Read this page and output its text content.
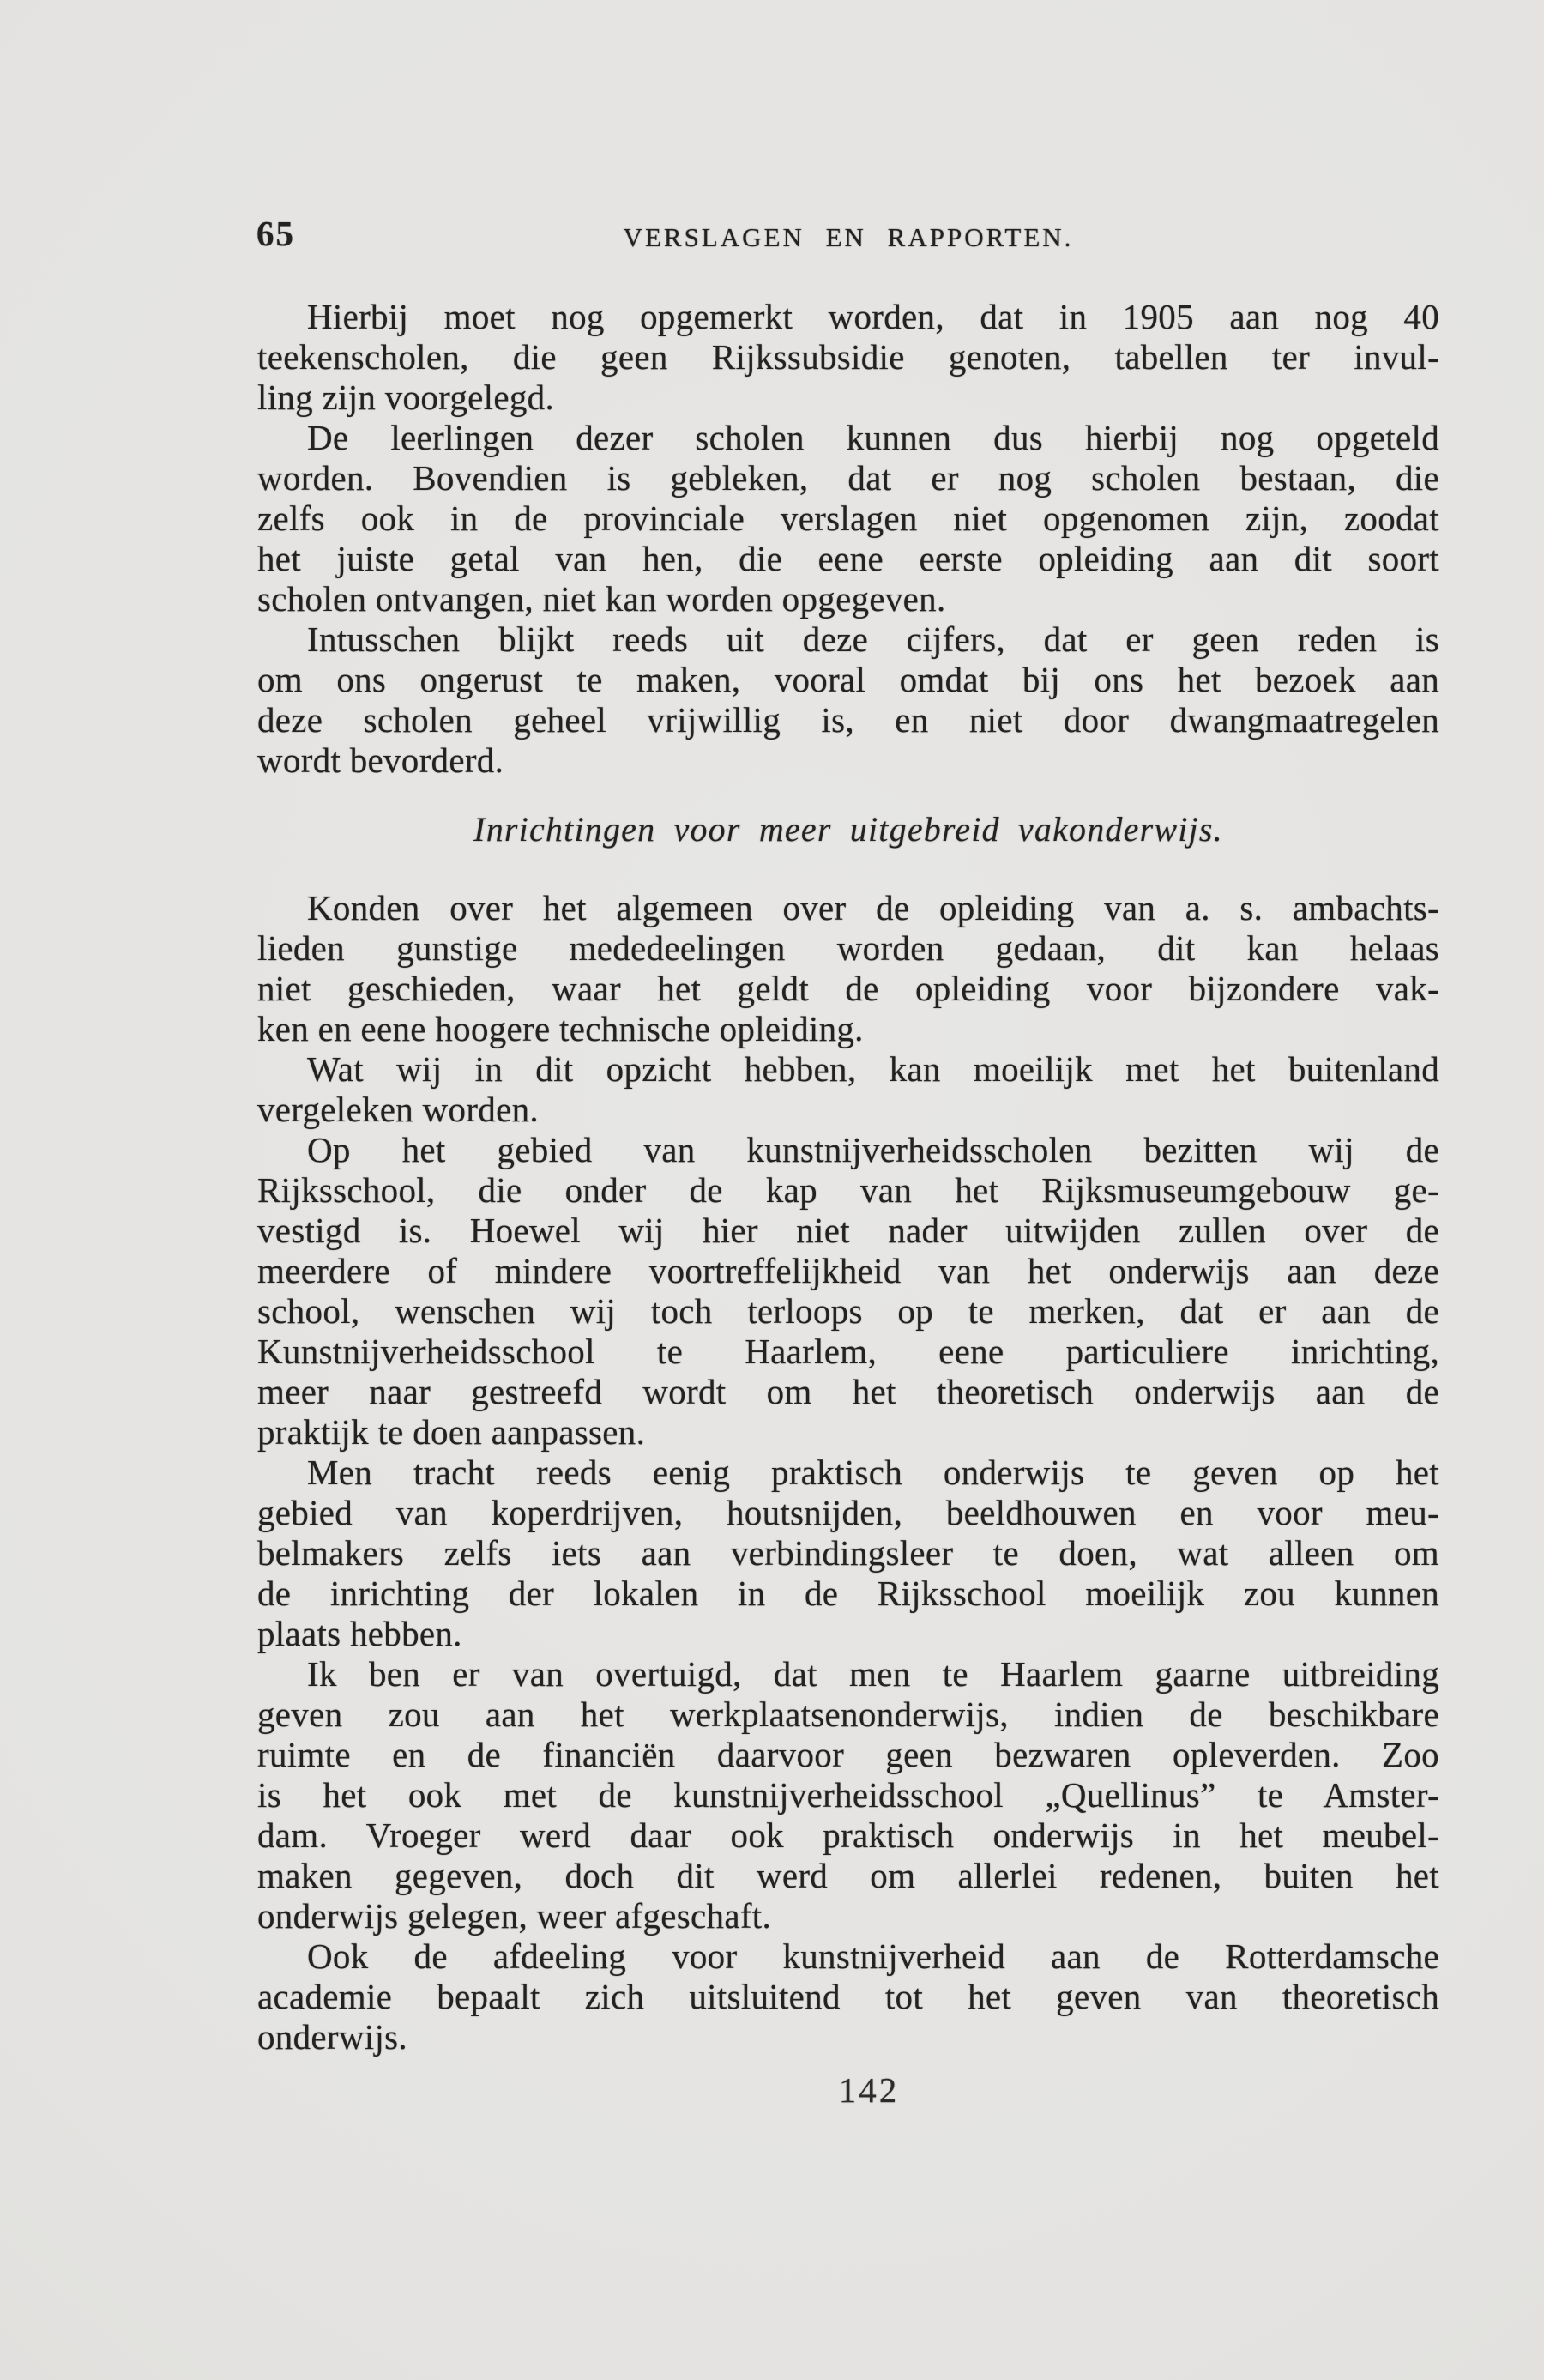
65	VERSLAGEN EN RAPPORTEN.
Hierbij moet nog opgemerkt worden, dat in 1905 aan nog 40
teekenscholen, die geen Rijkssubsidie genoten, tabellen ter invul-
ling zijn voorgelegd.
De leerlingen dezer scholen kunnen dus hierbij nog opgeteld
worden. Bovendien is gebleken, dat er nog scholen bestaan, die
zelfs ook in de provinciale verslagen niet opgenomen zijn, zoodat
het juiste getal van hen, die eene eerste opleiding aan dit soort
scholen ontvangen, niet kan worden opgegeven.
Intusschen blijkt reeds uit deze cijfers, dat er geen reden is
om ons ongerust te maken, vooral omdat bij ons het bezoek aan
deze scholen geheel vrijwillig is, en niet door dwangmaatregelen
wordt bevorderd.
Inrichtingen voor meer uitgebreid vakonderwijs.
Konden over het algemeen over de opleiding van a. s. ambachts-
lieden gunstige mededeelingen worden gedaan, dit kan helaas
niet geschieden, waar het geldt de opleiding voor bijzondere vak-
ken en eene hoogere technische opleiding.
Wat wij in dit opzicht hebben, kan moeilijk met het buitenland
vergeleken worden.
Op het gebied van kunstnijverheidsscholen bezitten wij de
Rijksschool, die onder de kap van het Rijksmuseumgebouw ge-
vestigd is. Hoewel wij hier niet nader uitwijden zullen over de
meerdere of mindere voortreffelijkheid van het onderwijs aan deze
school, wenschen wij toch terloops op te merken, dat er aan de
Kunstnijverheidsschool te Haarlem, eene particuliere inrichting,
meer naar gestreefd wordt om het theoretisch onderwijs aan de
praktijk te doen aanpassen.
Men tracht reeds eenig praktisch onderwijs te geven op het
gebied van koperdrijven, houtsnijden, beeldhouwen en voor meu-
belmakers zelfs iets aan verbindingsleer te doen, wat alleen om
de inrichting der lokalen in de Rijksschool moeilijk zou kunnen
plaats hebben.
Ik ben er van overtuigd, dat men te Haarlem gaarne uitbreiding
geven zou aan het werkplaatsenonderwijs, indien de beschikbare
ruimte en de financiën daarvoor geen bezwaren opleverden. Zoo
is het ook met de kunstnijverheidsschool „Quellinus” te Amster-
dam. Vroeger werd daar ook praktisch onderwijs in het meubel-
maken gegeven, doch dit werd om allerlei redenen, buiten het
onderwijs gelegen, weer afgeschaft.
Ook de afdeeling voor kunstnijverheid aan de Rotterdamsche
academie bepaalt zich uitsluitend tot het geven van theoretisch
onderwijs.
142
